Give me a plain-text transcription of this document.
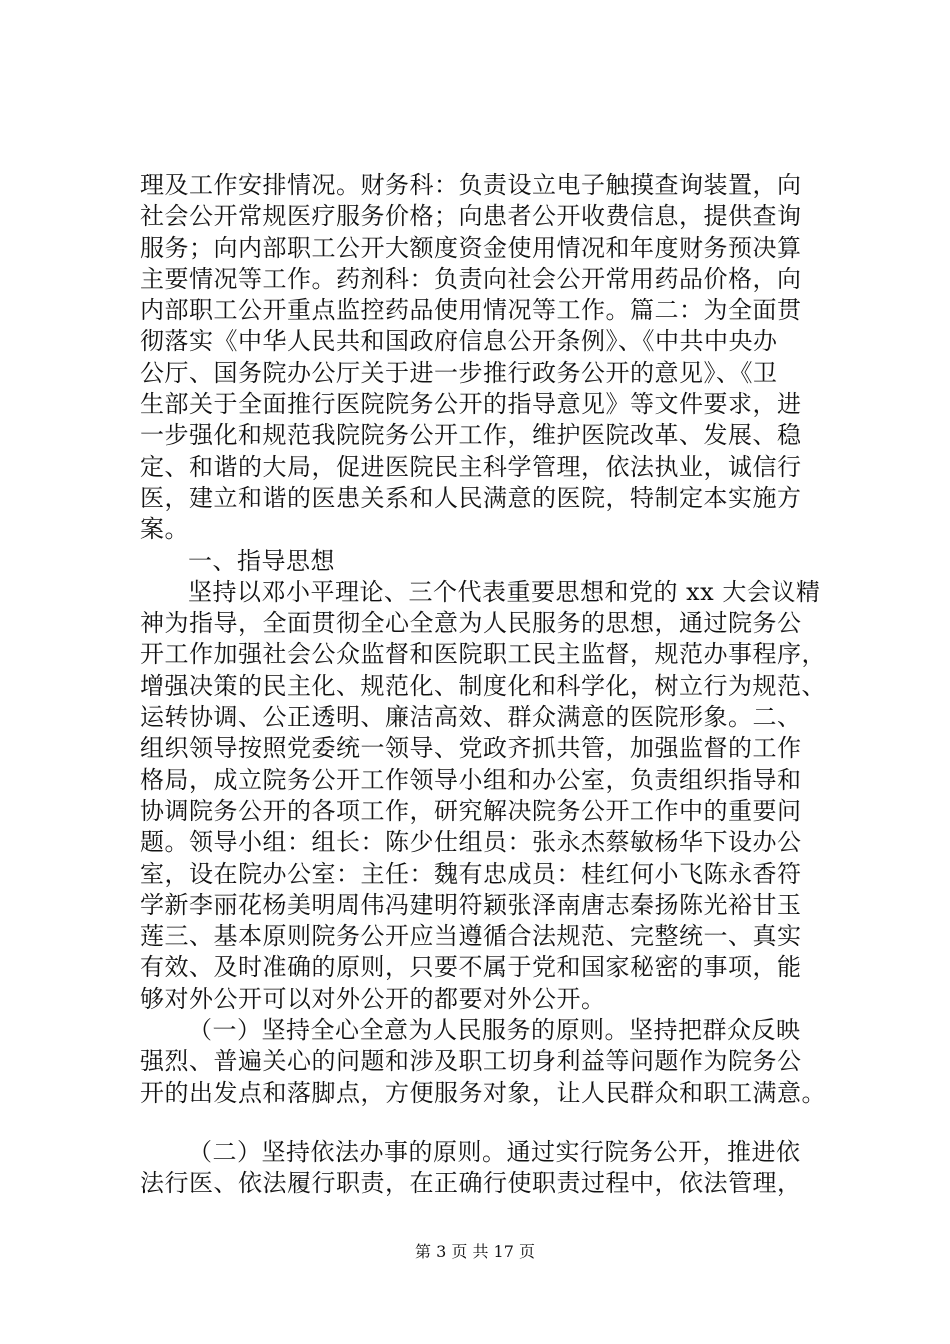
理及工作安排情况。财务科：负责设立电子触摸查询装置，向
社会公开常规医疗服务价格；向患者公开收费信息，提供查询
服务；向内部职工公开大额度资金使用情况和年度财务预决算
主要情况等工作。药剂科：负责向社会公开常用药品价格，向
内部职工公开重点监控药品使用情况等工作。篇二：为全面贯
彻落实《中华人民共和国政府信息公开条例》、《中共中央办
公厅、国务院办公厅关于进一步推行政务公开的意见》、《卫
生部关于全面推行医院院务公开的指导意见》等文件要求，进
一步强化和规范我院院务公开工作，维护医院改革、发展、稳
定、和谐的大局，促进医院民主科学管理，依法执业，诚信行
医，建立和谐的医患关系和人民满意的医院，特制定本实施方
案。
一、指导思想
坚持以邓小平理论、三个代表重要思想和党的 xx 大会议精
神为指导，全面贯彻全心全意为人民服务的思想，通过院务公
开工作加强社会公众监督和医院职工民主监督，规范办事程序，
增强决策的民主化、规范化、制度化和科学化，树立行为规范、
运转协调、公正透明、廉洁高效、群众满意的医院形象。二、
组织领导按照党委统一领导、党政齐抓共管，加强监督的工作
格局，成立院务公开工作领导小组和办公室，负责组织指导和
协调院务公开的各项工作，研究解决院务公开工作中的重要问
题。领导小组：组长：陈少仕组员：张永杰蔡敏杨华下设办公
室，设在院办公室：主任：魏有忠成员：桂红何小飞陈永香符
学新李丽花杨美明周伟冯建明符颖张泽南唐志秦扬陈光裕甘玉
莲三、基本原则院务公开应当遵循合法规范、完整统一、真实
有效、及时准确的原则，只要不属于党和国家秘密的事项，能
够对外公开可以对外公开的都要对外公开。
（一）坚持全心全意为人民服务的原则。坚持把群众反映
强烈、普遍关心的问题和涉及职工切身利益等问题作为院务公
开的出发点和落脚点，方便服务对象，让人民群众和职工满意。
（二）坚持依法办事的原则。通过实行院务公开，推进依
法行医、依法履行职责，在正确行使职责过程中，依法管理，
第 3 页 共 17 页
